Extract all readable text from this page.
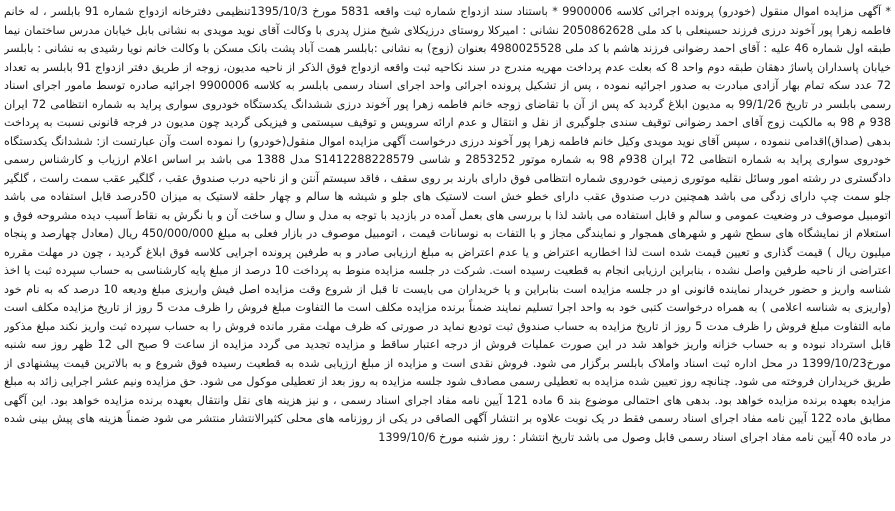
* آگهی مزایده اموال منقول (خودرو) پرونده اجرائی کلاسه 9900006 * باستناد سند ازدواج شماره ثبت واقعه 5831 مورخ 1395/10/3تنظیمی دفترخانه ازدواج شماره 91 بابلسر ، له خانم فاطمه زهرا پور آخوند درزی فرزند حسینعلی با کد ملی 2050862628 نشانی : امیرکلا روستای درزیکلای شیخ منزل پدری با وکالت آقای نوید مویدی به نشانی بابل خیابان مدرس ساختمان نیما طبقه اول شماره 46 علیه : آقای احمد رضوانی فرزند هاشم با کد ملی 4980025528 بعنوان (زوج) به نشانی :بابلسر همت آباد پشت بانک مسکن با وکالت خانم نویا رشیدی به نشانی : بابلسر خیابان پاسداران پاساژ دهقان طبقه دوم واحد 8 که بعلت عدم پرداخت مهریه مندرج در سند نکاحیه ثبت واقعه ازدواج فوق الذکر از ناحیه مدیون، زوجه از طریق دفتر ازدواج 91 بابلسر به تعداد 72 عدد سکه تمام بهار آزادی مبادرت به صدور اجرائیه نموده ، پس از تشکیل پرونده اجرائی واحد اجرای اسناد رسمی بابلسر به کلاسه 9900006 اجرائیه صادره توسط مامور اجرای اسناد رسمی بابلسر در تاریخ 99/1/26 به مدیون ابلاغ گردید که پس از آن با تقاضای زوجه خانم فاطمه زهرا پور آخوند درزی ششدانگ یکدستگاه خودروی سواری پراید به شماره انتظامی 72 ایران 938 م 98 به مالکیت زوج آقای احمد رضوانی توقیف سندی جلوگیری از نقل و انتقال و عدم ارائه سرویس و توقیف سیستمی و فیزیکی گردید چون مدیون در فرجه قانونی نسبت به پرداخت بدهی (صداق)اقدامی ننموده ، سپس آقای نوید مویدی وکیل خانم فاطمه زهرا پور آخوند درزی درخواست آگهی مزایده اموال منقول(خودرو) را نموده است وآن عبارتست از: ششدانگ یکدستگاه خودروی سواری پراید به شماره انتظامی 72 ایران 938م 98 به شماره موتور 2853252 و شاسی S1412288228579 مدل 1388 می باشد بر اساس اعلام ارزیاب و کارشناس رسمی دادگستری در رشته امور وسائل نقلیه موتوری زمینی خودروی شماره انتظامی فوق دارای بارند بر روی سقف ، فاقد سیستم آنتن و از ناحیه درب صندوق عقب ، گلگیر عقب سمت راست ، گلگیر جلو سمت چپ دارای زدگی می باشد همچنین درب صندوق عقب دارای خطو خش است لاستیک های جلو و شیشه ها سالم و چهار حلقه لاستیک به میزان 50درصد قابل استفاده می باشد اتومبیل موصوف در وضعیت عمومی و سالم و قابل استفاده می باشد لذا با بررسی های بعمل آمده در بازدید با توجه به مدل و سال و ساخت آن و با نگرش به نقاط آسیب دیده مشروحه فوق و استعلام از نمایشگاه های سطح شهر و شهرهای همجوار و نمایندگی مجاز و با التفات به نوسانات قیمت ، اتومبیل موصوف در بازار فعلی به مبلغ 450/000/000 ریال (معادل چهارصد و پنجاه میلیون ریال ) قیمت گذاری و تعیین قیمت شده است لذا اخطاریه اعتراض و یا عدم اعتراض به مبلغ ارزیابی صادر و به طرفین پرونده اجرایی کلاسه فوق ابلاغ گردید ، چون در مهلت مقرره اعتراضی از ناحیه طرفین واصل نشده ، بنابراین ارزیابی انجام به قطعیت رسیده است. شرکت در جلسه مزایده منوط به پرداخت 10 درصد از مبلغ پایه کارشناسی به حساب سپرده ثبت یا اخذ شناسه واریز و حضور خریدار نماینده قانونی او در جلسه مزایده است بنابراین و یا خریداران می بایست تا قبل از شروع وقت مزایده اصل فیش واریزی مبلغ ودیعه 10 درصد که به نام خود (واریزی به شناسه اعلامی ) به همراه درخواست کتبی خود به واحد اجرا تسلیم نمایند ضمناً برنده مزایده مکلف است ما التفاوت مبلغ فروش را ظرف مدت 5 روز از تاریخ مزایده مکلف است مابه التفاوت مبلغ فروش را ظرف مدت 5 روز از تاریخ مزایده به حساب صندوق ثبت تودیع نماید در صورتی که ظرف مهلت مقرر مانده فروش را به حساب سپرده ثبت واریز نکند مبلغ مذکور قابل استرداد نبوده و به حساب خزانه واریز خواهد شد در این صورت عملیات فروش از درجه اعتبار ساقط و مزایده تجدید می گردد مزایده از ساعت 9 صبح الی 12 ظهر روز سه شنبه مورخ1399/10/23 در محل اداره ثبت اسناد واملاک بابلسر برگزار می شود. فروش نقدی است و مزایده از مبلغ ارزیابی شده به قطعیت رسیده فوق شروع و به بالاترین قیمت پیشنهادی از طریق خریداران فروخته می شود. چنانچه روز تعیین شده مزایده به تعطیلی رسمی مصادف شود جلسه مزایده به روز بعد از تعطیلی موکول می شود. حق مزایده ونیم عشر اجرایی زائد به مبلغ مزایده بعهده برنده مزایده خواهد بود. بدهی های احتمالی موضوع بند 6 ماده 121 آیین نامه مفاد اجرای اسناد رسمی ، و نیز هزینه های نقل وانتقال بعهده برنده مزایده خواهد بود. این آگهی مطابق ماده 122 آیین نامه مفاد اجرای اسناد رسمی فقط در یک نوبت علاوه بر انتشار آگهی الصاقی در یکی از روزنامه های محلی کثیرالانتشار منتشر می شود ضمناً هزینه های پیش بینی شده در ماده 40 آیین نامه مفاد اجرای اسناد رسمی قابل وصول می باشد تاریخ انتشار : روز شنبه مورخ 1399/10/6
